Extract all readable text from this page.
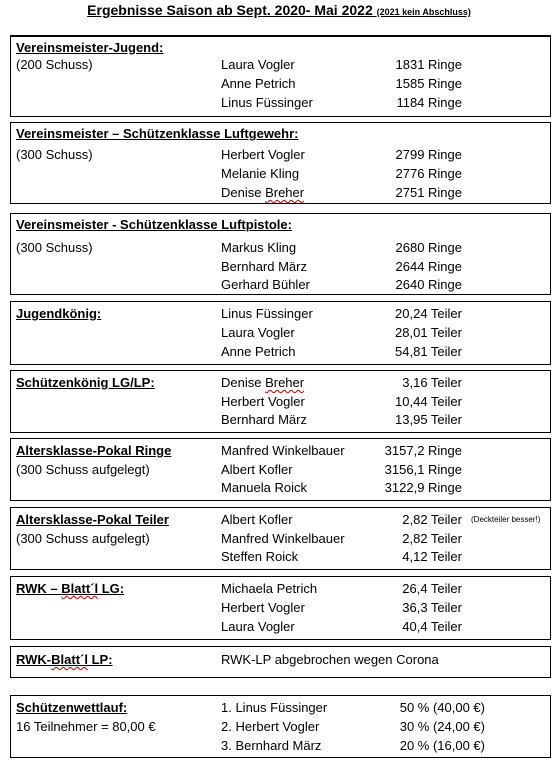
Ergebnisse Saison ab Sept. 2020- Mai 2022 (2021 kein Abschluss)
Vereinsmeister-Jugend:
(200 Schuss)	Laura Vogler	1831 Ringe
Anne Petrich	1585 Ringe
Linus Füssinger	1184 Ringe
Vereinsmeister – Schützenklasse Luftgewehr:
(300 Schuss)	Herbert Vogler	2799 Ringe
Melanie Kling	2776 Ringe
Denise Breher	2751 Ringe
Vereinsmeister - Schützenklasse Luftpistole:
(300 Schuss)	Markus Kling	2680 Ringe
Bernhard März	2644 Ringe
Gerhard Bühler	2640 Ringe
Jugendkönig:	Linus Füssinger	20,24 Teiler
Laura Vogler	28,01 Teiler
Anne Petrich	54,81 Teiler
Schützenkönig LG/LP:	Denise Breher	3,16 Teiler
Herbert Vogler	10,44 Teiler
Bernhard März	13,95 Teiler
Altersklasse-Pokal Ringe
(300 Schuss aufgelegt)
Manfred Winkelbauer	3157,2 Ringe
Albert Kofler	3156,1 Ringe
Manuela Roick	3122,9 Ringe
Altersklasse-Pokal Teiler
(300 Schuss aufgelegt)
Albert Kofler	2,82 Teiler (Deckteiler besser!)
Manfred Winkelbauer	2,82 Teiler
Steffen Roick	4,12 Teiler
RWK – Blatt´l LG:	Michaela Petrich	26,4 Teiler
Herbert Vogler	36,3 Teiler
Laura Vogler	40,4 Teiler
RWK-Blatt´l LP:	RWK-LP abgebrochen wegen Corona
Schützenwettlauf:
16 Teilnehmer = 80,00 €
1. Linus Füssinger	50 % (40,00 €)
2. Herbert Vogler	30 % (24,00 €)
3. Bernhard März	20 % (16,00 €)
